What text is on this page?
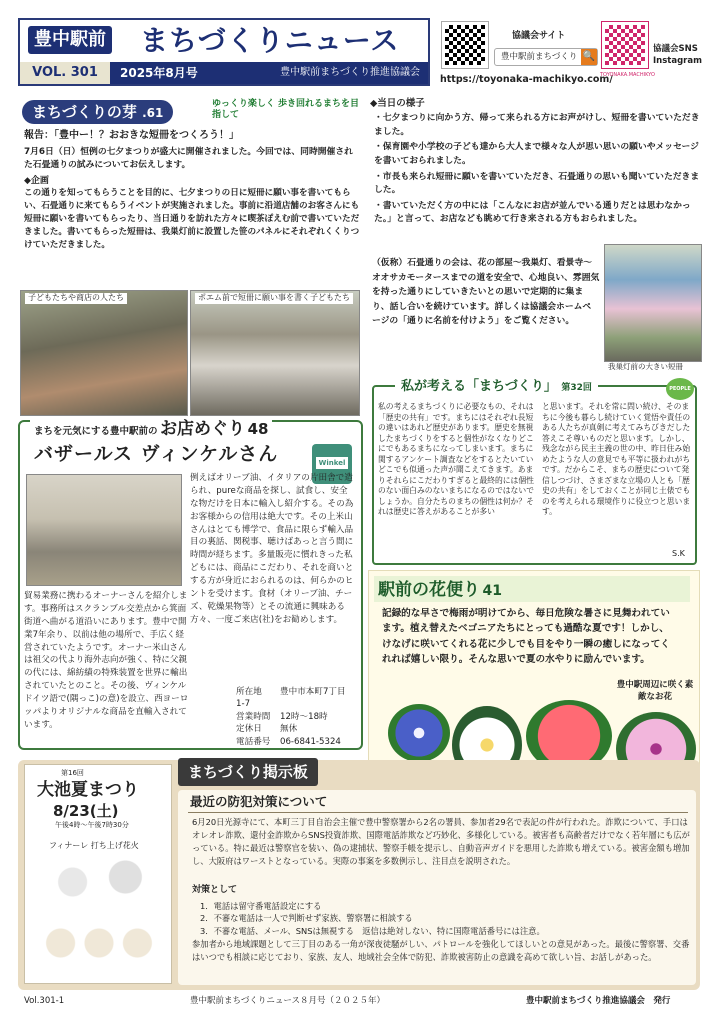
豊中駅前 まちづくりニュース
VOL. 301	2025年8月号	豊中駅前まちづくり推進協議会
協議会サイト
豊中駅前まちづくり 🔍
https://toyonaka-machikyo.com/
TOYONAKA.MACHIKYO
協議会SNS
Instagram
まちづくりの芽 .61
ゆっくり楽しく 歩き回れるまちを目指して
報告：「豊中ー！？おおきな短冊をつくろう！」
7月6日（日）恒例の七夕まつりが盛大に開催されました。今回では、同時開催された石畳通りの試みについてお伝えします。
◆企画
この通りを知ってもらうことを目的に、七夕まつりの日に短冊に願い事を書いてもらい、石畳通りに来てもらうイベントが実施されました。事前に沿道店舗のお客さんにも短冊に願いを書いてもらったり、当日通りを訪れた方々に喫茶ぽえむ前で書いていただきました。書いてもらった短冊は、我巣灯前に設置した笹のパネルにそれぞれくくりつけていただきました。
子どもたちや商店の人たち	ポエム前で短冊に願い事を書く子どもたち
◆当日の様子
・七夕まつりに向かう方、帰って来られる方にお声がけし、短冊を書いていただきました。
・保育園や小学校の子ども達から大人まで様々な人が思い思いの願いやメッセージを書いておられました。
・市長も来られ短冊に願いを書いていただき、石畳通りの思いも聞いていただきました。
・書いていただく方の中には「こんなにお店が並んでいる通りだとは思わなかった。」と言って、お店なども眺めて行き来される方もおられました。
（仮称）石畳通りの会は、花の部屋〜我巣灯、看景寺〜オオサカモータースまでの道を安全で、心地良い、雰囲気を持った通りにしていきたいとの思いで定期的に集まり、話し合いを続けています。詳しくは協議会ホームページの「通りに名前を付けよう」をご覧ください。
我巣灯前の大きい短冊
私が考える「まちづくり」 第32回	PEOPLE
私の考えるまちづくりに必要なもの、それは「歴史の共有」です。まちにはそれぞれ長短の違いはあれど歴史があります。歴史を無視したまちづくりをすると個性がなくなりどこにでもあるまちになってしまいます。まちに関するアンケート調査などをするとたいていどこでも似通った声が聞こえてきます。あまりそれらにこだわりすぎると最終的には個性のない面白みのないまちになるのではないでしょうか。自分たちのまちの個性は何か？それは歴史に答えがあることが多い
と思います。それを常に問い続け、そのまちに今後も暮らし続けていく覚悟や責任のある人たちが真剣に考えてみちびきだした答えこそ尊いものだと思います。しかし、残念ながら民主主義の世の中、昨日住み始めたような人の意見でも平等に扱われがちです。だからこそ、まちの歴史について発信しつづけ、さまざまな立場の人とも「歴史の共有」をしておくことが同じ土俵でものを考えられる環境作りに役立つと思います。
S.K
まちを元気にする豊中駅前の お店めぐり 48
バザールス ヴィンケルさん	Winkel
例えばオリーブ油、イタリアの片田舎で造られ、pureな商品を探し、試食し、安全な物だけを日本に輸入し紹介する。その為お客様からの信用は絶大です。その上米山さんはとても博学で、食品に限らず輸入品目の裏話、関税事、聴けばあっと言う間に時間が経ちます。多量販売に慣れきった私どもには、商品にこだわり、それを商いとする方が身近におられるのは、何らかのヒントを受けます。食材（オリーブ油、チーズ、乾燥果物等）とその流通に興味ある方々、一度ご来店(社)をお勧めします。
貿易業務に携わるオーナーさんを紹介します。事務所はスクランブル交差点から箕面街道へ曲がる道沿いにあります。豊中で開業7年余り、以前は他の場所で、手広く経営されていたようです。オーナー米山さんは祖父の代より海外志向が強く、特に父親の代には、綿紡績の特殊装置を世界に輸出されていたとのこと。その後、ヴィンケルドイツ語で(隅っこ)の意)を設立、西ヨーロッパよりオリジナルな商品を直輸入されています。
所在地 豊中市本町7丁目1-7
営業時間 12時〜18時
定休日 無休
電話番号 06-6841-5324
駅前の花便り 41
記録的な早さで梅雨が明けてから、毎日危険な暑さに見舞われています。植え替えたベゴニアたちにとっても過酷な夏です！しかし、けなげに咲いてくれる花に少しでも目をやり一瞬の癒しになってくれれば嬉しい限り。そんな思いで夏の水やりに励んでいます。
豊中駅周辺に咲く素敵なお花
まちづくり掲示板
第16回
大池夏まつり
8/23(土)
午後4時〜午後7時30分
フィナーレ 打ち上げ花火
最近の防犯対策について
6月20日光源寺にて、本町三丁目自治会主催で豊中警察署から2名の署員、参加者29名で表記の件が行われた。詐欺について、手口はオレオレ詐欺、還付金詐欺からSNS投資詐欺、国際電話詐欺など巧妙化、多様化している。被害者も高齢者だけでなく若年層にも広がっている。特に最近は警察官を装い、偽の逮捕状、警察手帳を提示し、自動音声ガイドを悪用した詐欺も増えている。被害金額も増加し、大阪府はワーストとなっている。実際の事案を多数例示し、注目点を説明された。
対策として
1．電話は留守番電話設定にする
2．不審な電話は一人で判断せず家族、警察署に相談する
3．不審な電話、メール、SNSは無視する　返信は絶対しない、特に国際電話番号には注意。
参加者から地域課題として三丁目のある一角が深夜徒騒がしい、パトロールを強化してほしいとの意見があった。最後に警察署、交番はいつでも相談に応じており、家族、友人、地域社会全体で防犯、詐欺被害防止の意識を高めて欲しい旨、お話しがあった。
Vol.301-1	豊中駅前まちづくりニュース８月号（２０２５年）	豊中駅前まちづくり推進協議会　発行
